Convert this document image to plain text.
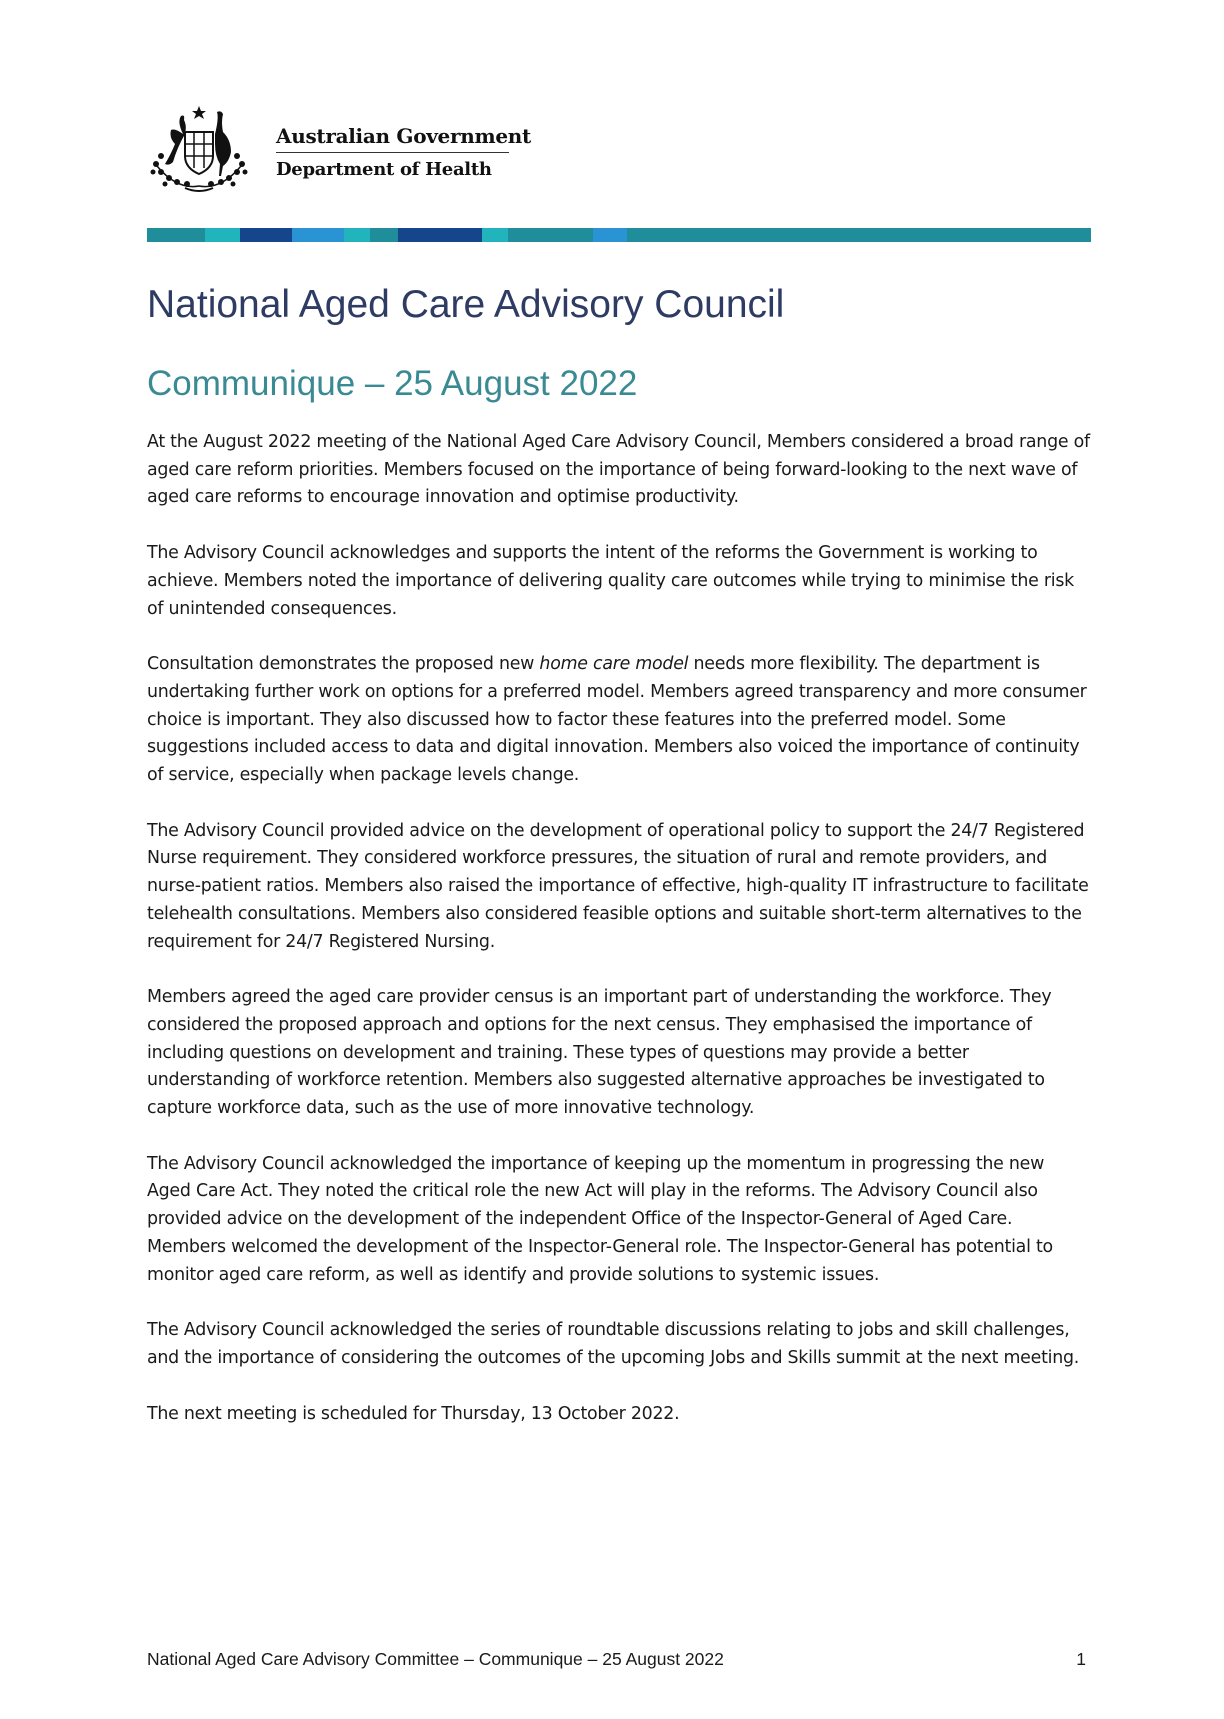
Australian Government
Department of Health
National Aged Care Advisory Council
Communique – 25 August 2022

At the August 2022 meeting of the National Aged Care Advisory Council, Members considered a broad range of aged care reform priorities. Members focused on the importance of being forward-looking to the next wave of aged care reforms to encourage innovation and optimise productivity.

The Advisory Council acknowledges and supports the intent of the reforms the Government is working to achieve. Members noted the importance of delivering quality care outcomes while trying to minimise the risk of unintended consequences.

Consultation demonstrates the proposed new home care model needs more flexibility. The department is undertaking further work on options for a preferred model. Members agreed transparency and more consumer choice is important. They also discussed how to factor these features into the preferred model. Some suggestions included access to data and digital innovation. Members also voiced the importance of continuity of service, especially when package levels change.

The Advisory Council provided advice on the development of operational policy to support the 24/7 Registered Nurse requirement. They considered workforce pressures, the situation of rural and remote providers, and nurse-patient ratios. Members also raised the importance of effective, high-quality IT infrastructure to facilitate telehealth consultations. Members also considered feasible options and suitable short-term alternatives to the requirement for 24/7 Registered Nursing.

Members agreed the aged care provider census is an important part of understanding the workforce. They considered the proposed approach and options for the next census. They emphasised the importance of including questions on development and training. These types of questions may provide a better understanding of workforce retention. Members also suggested alternative approaches be investigated to capture workforce data, such as the use of more innovative technology.

The Advisory Council acknowledged the importance of keeping up the momentum in progressing the new Aged Care Act. They noted the critical role the new Act will play in the reforms. The Advisory Council also provided advice on the development of the independent Office of the Inspector-General of Aged Care. Members welcomed the development of the Inspector-General role. The Inspector-General has potential to monitor aged care reform, as well as identify and provide solutions to systemic issues.

The Advisory Council acknowledged the series of roundtable discussions relating to jobs and skill challenges, and the importance of considering the outcomes of the upcoming Jobs and Skills summit at the next meeting.

The next meeting is scheduled for Thursday, 13 October 2022.

National Aged Care Advisory Committee – Communique – 25 August 2022	1
